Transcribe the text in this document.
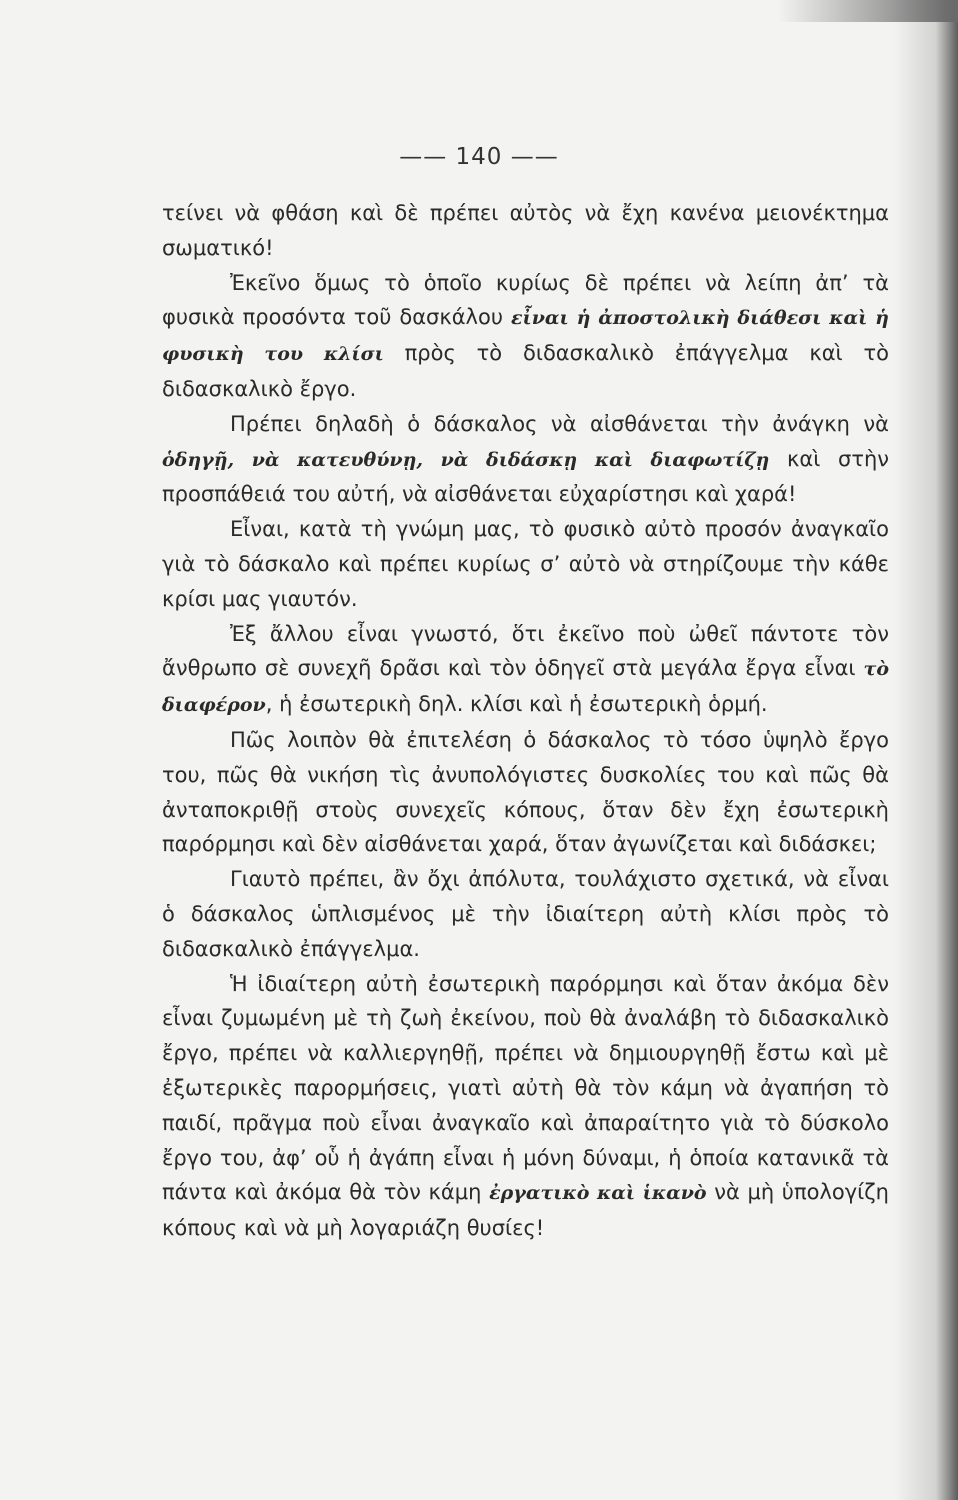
—— 140 ——

τείνει νὰ φθάση καὶ δὲ πρέπει αὐτὸς νὰ ἔχη κανένα μειονέκτημα σωματικό!

Ἐκεῖνο ὅμως τὸ ὁποῖο κυρίως δὲ πρέπει νὰ λείπη ἀπ’ τὰ φυσικὰ προσόντα τοῦ δασκάλου εἶναι ἡ ἀποστολικὴ διάθεσι καὶ ἡ φυσικὴ του κλίσι πρὸς τὸ διδασκαλικὸ ἐπάγγελμα καὶ τὸ διδασκαλικὸ ἔργο.

Πρέπει δηλαδὴ ὁ δάσκαλος νὰ αἰσθάνεται τὴν ἀνάγκη νὰ ὁδηγῇ, νὰ κατευθύνῃ, νὰ διδάσκῃ καὶ διαφωτίζῃ καὶ στὴν προσπάθειά του αὐτή, νὰ αἰσθάνεται εὐχαρίστησι καὶ χαρά!

Εἶναι, κατὰ τὴ γνώμη μας, τὸ φυσικὸ αὐτὸ προσόν ἀναγκαῖο γιὰ τὸ δάσκαλο καὶ πρέπει κυρίως σ’ αὐτὸ νὰ στηρίζουμε τὴν κάθε κρίσι μας γιαυτόν.

Ἐξ ἄλλου εἶναι γνωστό, ὅτι ἐκεῖνο ποὺ ὠθεῖ πάντοτε τὸν ἄνθρωπο σὲ συνεχῆ δρᾶσι καὶ τὸν ὁδηγεῖ στὰ μεγάλα ἔργα εἶναι τὸ διαφέρον, ἡ ἐσωτερικὴ δηλ. κλίσι καὶ ἡ ἐσωτερικὴ ὁρμή.

Πῶς λοιπὸν θὰ ἐπιτελέση ὁ δάσκαλος τὸ τόσο ὑψηλὸ ἔργο του, πῶς θὰ νικήση τὶς ἀνυπολόγιστες δυσκολίες του καὶ πῶς θὰ ἀνταποκριθῇ στοὺς συνεχεῖς κόπους, ὅταν δὲν ἔχη ἐσωτερικὴ παρόρμησι καὶ δὲν αἰσθάνεται χαρά, ὅταν ἀγωνίζεται καὶ διδάσκει;

Γιαυτὸ πρέπει, ἂν ὄχι ἀπόλυτα, τουλάχιστο σχετικά, νὰ εἶναι ὁ δάσκαλος ὡπλισμένος μὲ τὴν ἰδιαίτερη αὐτὴ κλίσι πρὸς τὸ διδασκαλικὸ ἐπάγγελμα.

Ἡ ἰδιαίτερη αὐτὴ ἐσωτερικὴ παρόρμησι καὶ ὅταν ἀκόμα δὲν εἶναι ζυμωμένη μὲ τὴ ζωὴ ἐκείνου, ποὺ θὰ ἀναλάβη τὸ διδασκαλικὸ ἔργο, πρέπει νὰ καλλιεργηθῇ, πρέπει νὰ δημιουργηθῇ ἔστω καὶ μὲ ἐξωτερικὲς παρορμήσεις, γιατὶ αὐτὴ θὰ τὸν κάμη νὰ ἀγαπήση τὸ παιδί, πρᾶγμα ποὺ εἶναι ἀναγκαῖο καὶ ἀπαραίτητο γιὰ τὸ δύσκολο ἔργο του, ἀφ’ οὗ ἡ ἀγάπη εἶναι ἡ μόνη δύναμι, ἡ ὁποία κατανικᾶ τὰ πάντα καὶ ἀκόμα θὰ τὸν κάμη ἐργατικὸ καὶ ἱκανὸ νὰ μὴ ὑπολογίζη κόπους καὶ νὰ μὴ λογαριάζη θυσίες!
